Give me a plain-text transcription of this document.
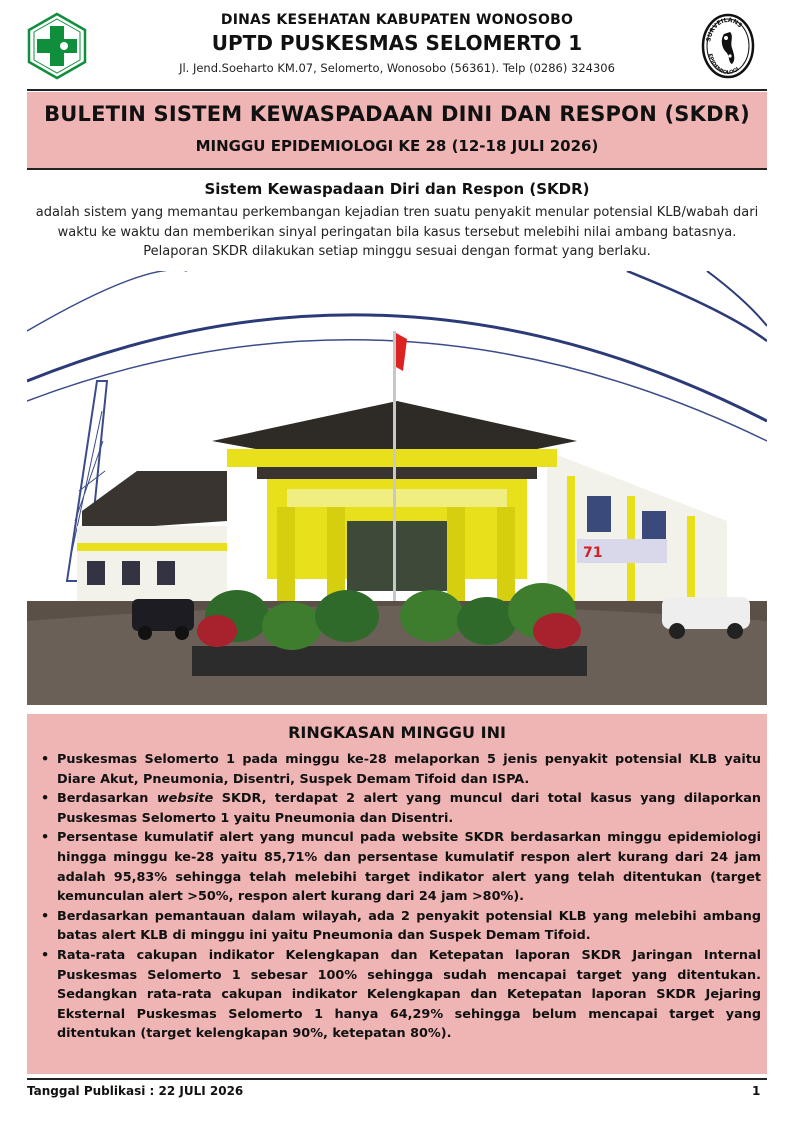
DINAS KESEHATAN KABUPATEN WONOSOBO
UPTD PUSKESMAS SELOMERTO 1
Jl. Jend.Soeharto KM.07, Selomerto, Wonosobo (56361). Telp (0286) 324306
SURVEILANS
EPIDEMIOLOGI
BULETIN SISTEM KEWASPADAAN DINI DAN RESPON (SKDR)
MINGGU EPIDEMIOLOGI KE 28 (12-18 JULI 2026)
Sistem Kewaspadaan Diri dan Respon (SKDR)
adalah sistem yang memantau perkembangan kejadian tren suatu penyakit menular potensial KLB/wabah dari waktu ke waktu dan memberikan sinyal peringatan bila kasus tersebut melebihi nilai ambang batasnya. Pelaporan SKDR dilakukan setiap minggu sesuai dengan format yang berlaku.
71
RINGKASAN MINGGU INI
• Puskesmas Selomerto 1 pada minggu ke-28 melaporkan 5 jenis penyakit potensial KLB yaitu Diare Akut, Pneumonia, Disentri, Suspek Demam Tifoid dan ISPA.
• Berdasarkan website SKDR, terdapat 2 alert yang muncul dari total kasus yang dilaporkan Puskesmas Selomerto 1 yaitu Pneumonia dan Disentri.
• Persentase kumulatif alert yang muncul pada website SKDR berdasarkan minggu epidemiologi hingga minggu ke-28 yaitu 85,71% dan persentase kumulatif respon alert kurang dari 24 jam adalah 95,83% sehingga telah melebihi target indikator alert yang telah ditentukan (target kemunculan alert >50%, respon alert kurang dari 24 jam >80%).
• Berdasarkan pemantauan dalam wilayah, ada 2 penyakit potensial KLB yang melebihi ambang batas alert KLB di minggu ini yaitu Pneumonia dan Suspek Demam Tifoid.
• Rata-rata cakupan indikator Kelengkapan dan Ketepatan laporan SKDR Jaringan Internal Puskesmas Selomerto 1 sebesar 100% sehingga sudah mencapai target yang ditentukan. Sedangkan rata-rata cakupan indikator Kelengkapan dan Ketepatan laporan SKDR Jejaring Eksternal Puskesmas Selomerto 1 hanya 64,29% sehingga belum mencapai target yang ditentukan (target kelengkapan 90%, ketepatan 80%).
Tanggal Publikasi : 22 JULI 2026	1
